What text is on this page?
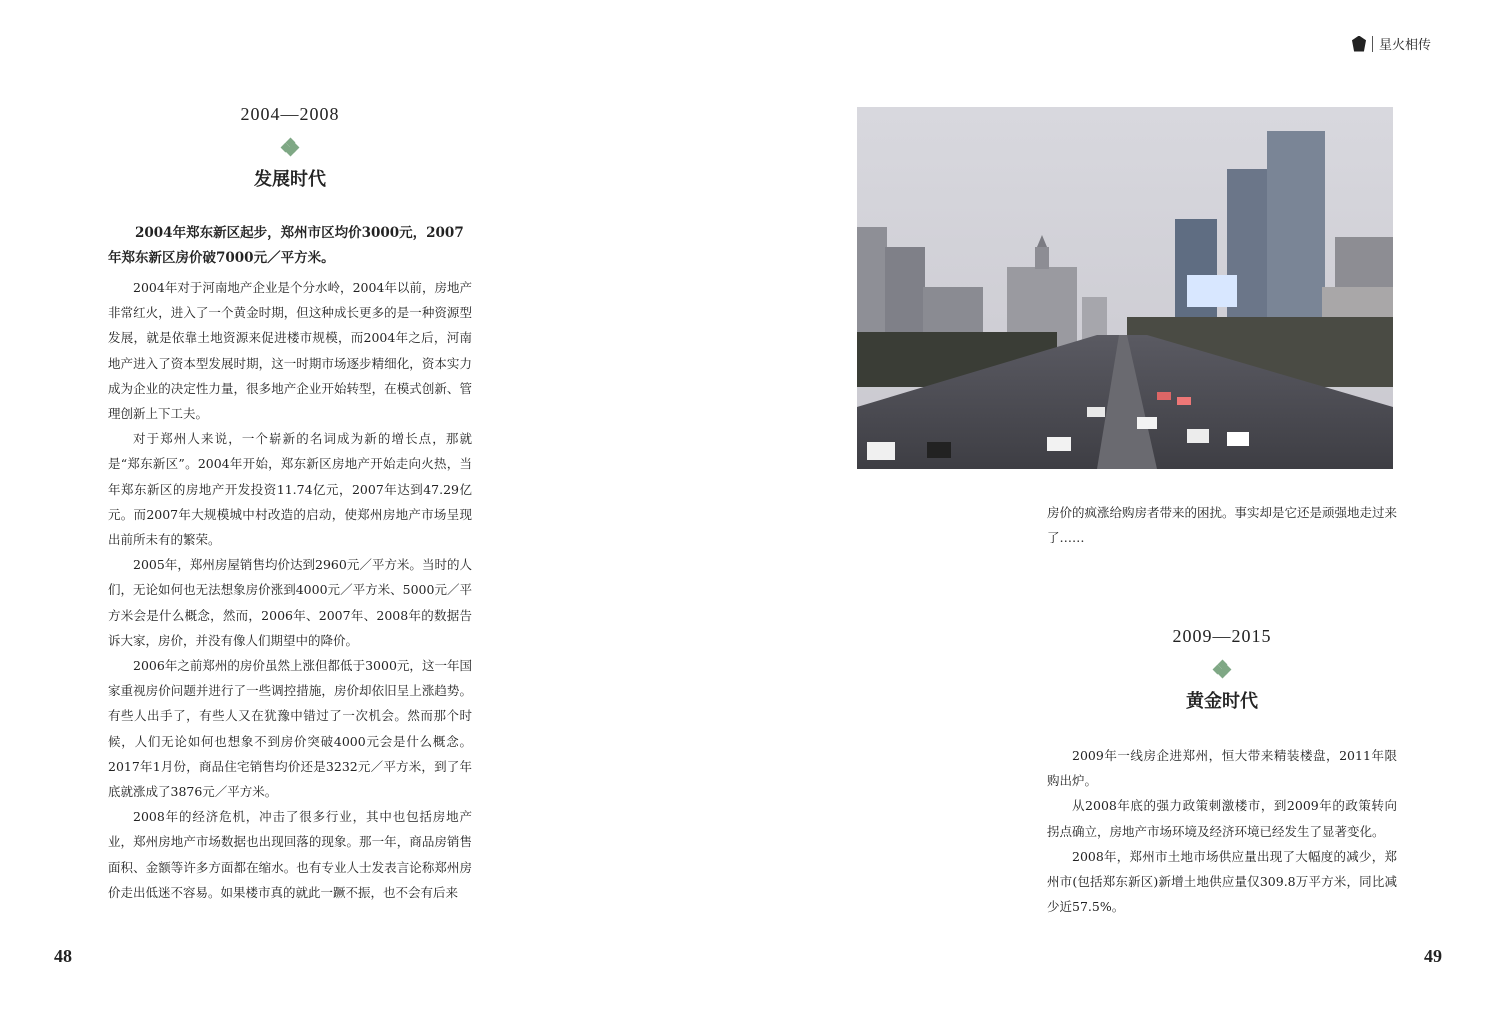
星火相传

2004—2008

发展时代

2004年郑东新区起步，郑州市区均价3000元，2007年郑东新区房价破7000元／平方米。

2004年对于河南地产企业是个分水岭，2004年以前，房地产非常红火，进入了一个黄金时期，但这种成长更多的是一种资源型发展，就是依靠土地资源来促进楼市规模，而2004年之后，河南地产进入了资本型发展时期，这一时期市场逐步精细化，资本实力成为企业的决定性力量，很多地产企业开始转型，在模式创新、管理创新上下工夫。

对于郑州人来说，一个崭新的名词成为新的增长点，那就是“郑东新区”。2004年开始，郑东新区房地产开始走向火热，当年郑东新区的房地产开发投资11.74亿元，2007年达到47.29亿元。而2007年大规模城中村改造的启动，使郑州房地产市场呈现出前所未有的繁荣。

2005年，郑州房屋销售均价达到2960元／平方米。当时的人们，无论如何也无法想象房价涨到4000元／平方米、5000元／平方米会是什么概念，然而，2006年、2007年、2008年的数据告诉大家，房价，并没有像人们期望中的降价。

2006年之前郑州的房价虽然上涨但都低于3000元，这一年国家重视房价问题并进行了一些调控措施，房价却依旧呈上涨趋势。有些人出手了，有些人又在犹豫中错过了一次机会。然而那个时候，人们无论如何也想象不到房价突破4000元会是什么概念。2017年1月份，商品住宅销售均价还是3232元／平方米，到了年底就涨成了3876元／平方米。

2008年的经济危机，冲击了很多行业，其中也包括房地产业，郑州房地产市场数据也出现回落的现象。那一年，商品房销售面积、金额等许多方面都在缩水。也有专业人士发表言论称郑州房价走出低迷不容易。如果楼市真的就此一蹶不振，也不会有后来

房价的疯涨给购房者带来的困扰。事实却是它还是顽强地走过来了……

2009—2015

黄金时代

2009年一线房企进郑州，恒大带来精装楼盘，2011年限购出炉。

从2008年底的强力政策刺激楼市，到2009年的政策转向拐点确立，房地产市场环境及经济环境已经发生了显著变化。

2008年，郑州市土地市场供应量出现了大幅度的减少，郑州市(包括郑东新区)新增土地供应量仅309.8万平方米，同比减少近57.5%。

48	49
